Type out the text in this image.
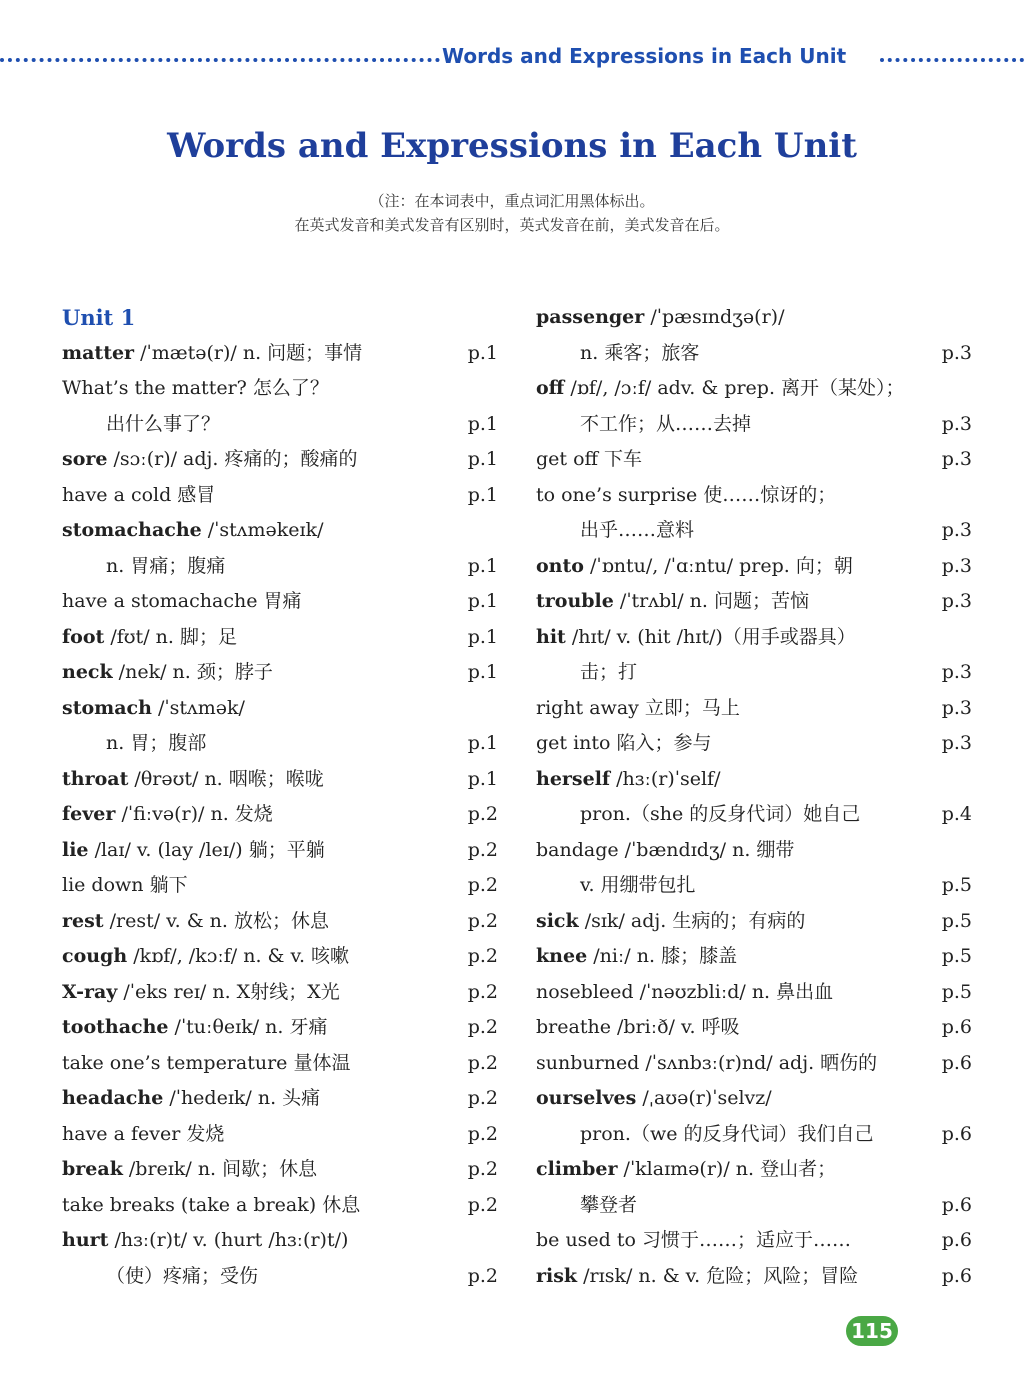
Words and Expressions in Each Unit
Words and Expressions in Each Unit
（注：在本词表中，重点词汇用黑体标出。
在英式发音和美式发音有区别时，英式发音在前，美式发音在后。
Unit 1
matter /ˈmætə(r)/ n. 问题；事情	p.1
What’s the matter? 怎么了？
出什么事了？	p.1
sore /sɔː(r)/ adj. 疼痛的；酸痛的	p.1
have a cold 感冒	p.1
stomachache /ˈstʌməkeɪk/
n. 胃痛；腹痛	p.1
have a stomachache 胃痛	p.1
foot /fʊt/ n. 脚；足	p.1
neck /nek/ n. 颈；脖子	p.1
stomach /ˈstʌmək/
n. 胃；腹部	p.1
throat /θrəʊt/ n. 咽喉；喉咙	p.1
fever /ˈfiːvə(r)/ n. 发烧	p.2
lie /laɪ/ v. (lay /leɪ/) 躺；平躺	p.2
lie down 躺下	p.2
rest /rest/ v. & n. 放松；休息	p.2
cough /kɒf/, /kɔːf/ n. & v. 咳嗽	p.2
X-ray /ˈeks reɪ/ n. X射线；X光	p.2
toothache /ˈtuːθeɪk/ n. 牙痛	p.2
take one’s temperature 量体温	p.2
headache /ˈhedeɪk/ n. 头痛	p.2
have a fever 发烧	p.2
break /breɪk/ n. 间歇；休息	p.2
take breaks (take a break) 休息	p.2
hurt /hɜː(r)t/ v. (hurt /hɜː(r)t/)
（使）疼痛；受伤	p.2
passenger /ˈpæsɪndʒə(r)/
n. 乘客；旅客	p.3
off /ɒf/, /ɔːf/ adv. & prep. 离开（某处）；
不工作；从……去掉	p.3
get off 下车	p.3
to one’s surprise 使……惊讶的；
出乎……意料	p.3
onto /ˈɒntu/, /ˈɑːntu/ prep. 向；朝	p.3
trouble /ˈtrʌbl/ n. 问题；苦恼	p.3
hit /hɪt/ v. (hit /hɪt/)（用手或器具）
击；打	p.3
right away 立即；马上	p.3
get into 陷入；参与	p.3
herself /hɜː(r)ˈself/
pron.（she 的反身代词）她自己	p.4
bandage /ˈbændɪdʒ/ n. 绷带
v. 用绷带包扎	p.5
sick /sɪk/ adj. 生病的；有病的	p.5
knee /niː/ n. 膝；膝盖	p.5
nosebleed /ˈnəʊzbliːd/ n. 鼻出血	p.5
breathe /briːð/ v. 呼吸	p.6
sunburned /ˈsʌnbɜː(r)nd/ adj. 晒伤的	p.6
ourselves /ˌaʊə(r)ˈselvz/
pron.（we 的反身代词）我们自己	p.6
climber /ˈklaɪmə(r)/ n. 登山者；
攀登者	p.6
be used to 习惯于……；适应于……	p.6
risk /rɪsk/ n. & v. 危险；风险；冒险	p.6
115
